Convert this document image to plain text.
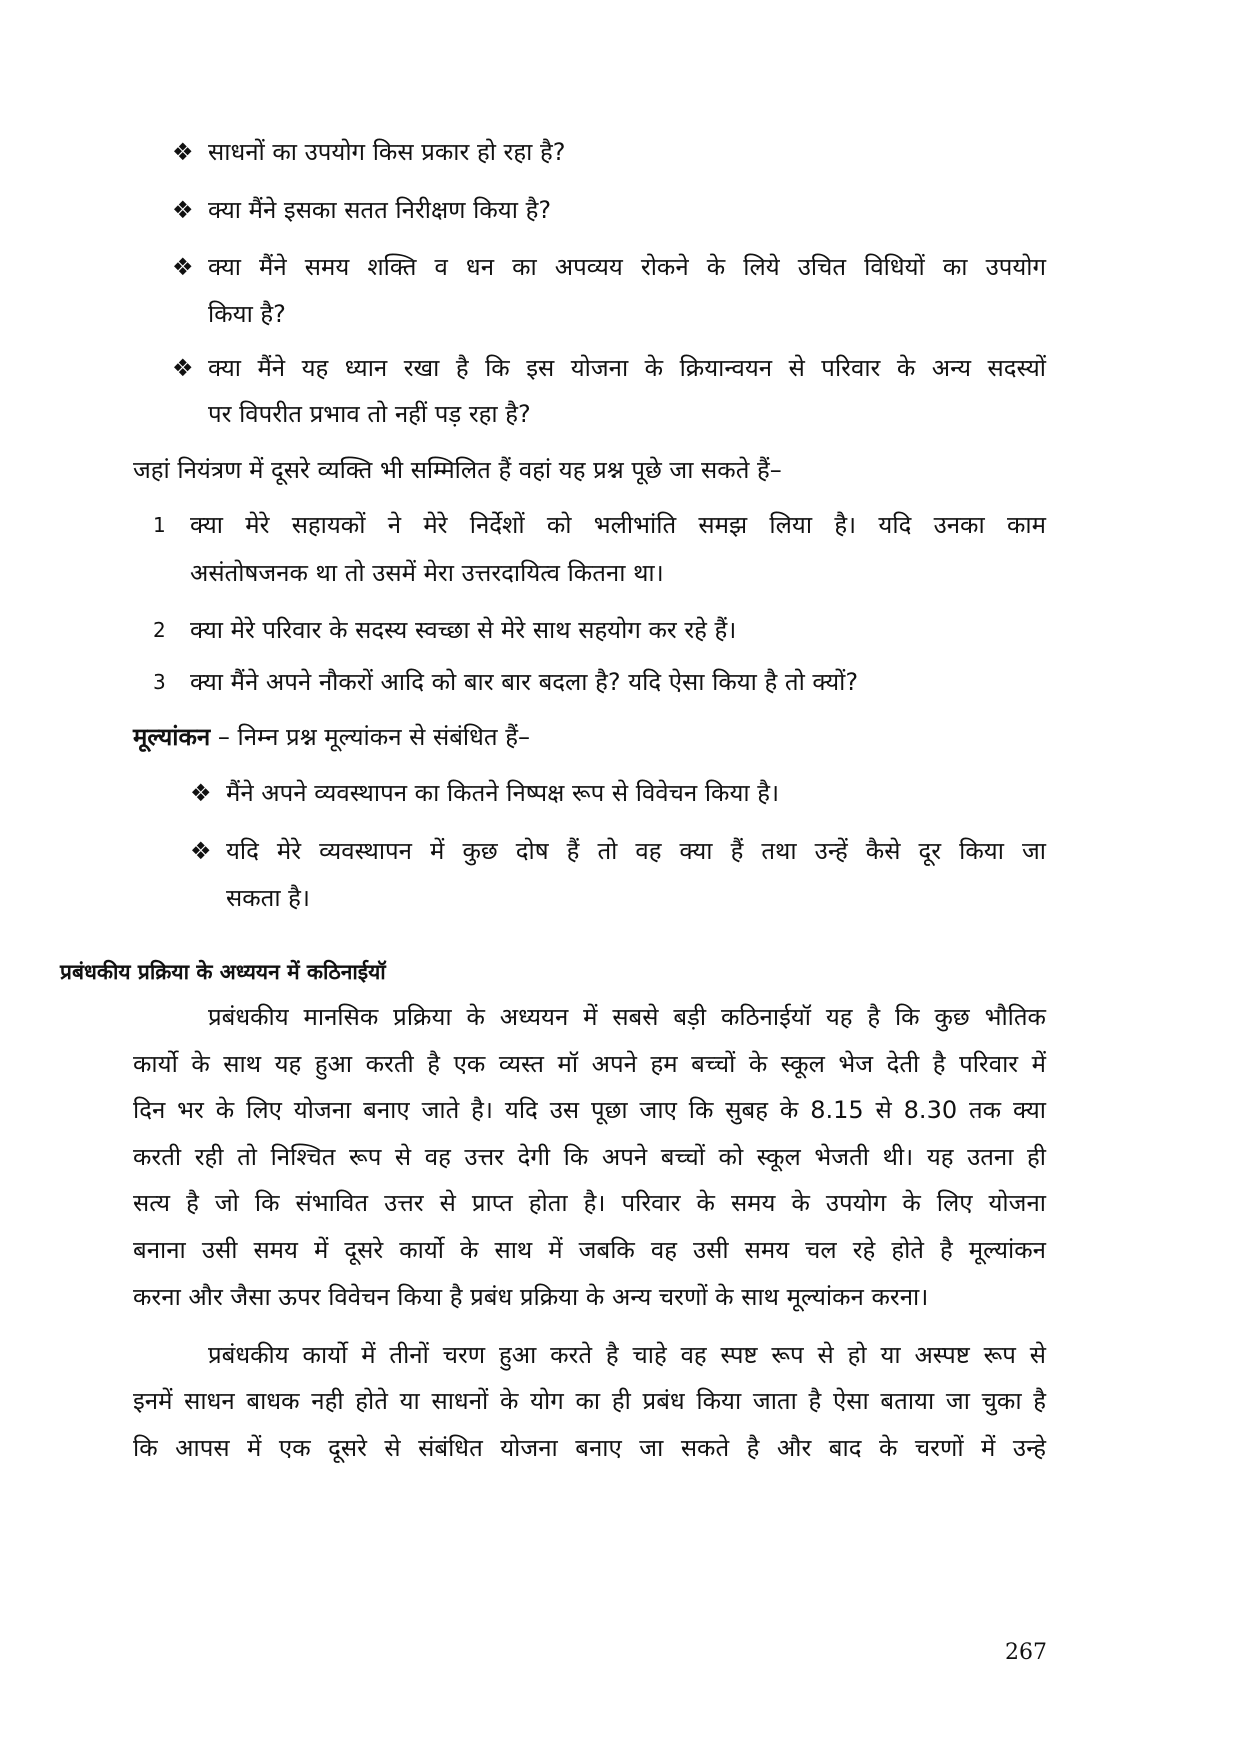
❖ साधनों का उपयोग किस प्रकार हो रहा है?
❖ क्या मैंने इसका सतत निरीक्षण किया है?
❖ क्या मैंने समय शक्ति व धन का अपव्यय रोकने के लिये उचित विधियों का उपयोग
किया है?
❖ क्या मैंने यह ध्यान रखा है कि इस योजना के क्रियान्वयन से परिवार के अन्य सदस्यों
पर विपरीत प्रभाव तो नहीं पड़ रहा है?
जहां नियंत्रण में दूसरे व्यक्ति भी सम्मिलित हैं वहां यह प्रश्न पूछे जा सकते हैं–
1 क्या मेरे सहायकों ने मेरे निर्देशों को भलीभांति समझ लिया है। यदि उनका काम
असंतोषजनक था तो उसमें मेरा उत्तरदायित्व कितना था।
2 क्या मेरे परिवार के सदस्य स्वच्छा से मेरे साथ सहयोग कर रहे हैं।
3 क्या मैंने अपने नौकरों आदि को बार बार बदला है? यदि ऐसा किया है तो क्यों?
मूल्यांकन – निम्न प्रश्न मूल्यांकन से संबंधित हैं–
❖ मैंने अपने व्यवस्थापन का कितने निष्पक्ष रूप से विवेचन किया है।
❖ यदि मेरे व्यवस्थापन में कुछ दोष हैं तो वह क्या हैं तथा उन्हें कैसे दूर किया जा
सकता है।
प्रबंधकीय प्रक्रिया के अध्ययन में कठिनाईयॉ
प्रबंधकीय मानसिक प्रक्रिया के अध्ययन में सबसे बड़ी कठिनाईयॉ यह है कि कुछ भौतिक
कार्यो के साथ यह हुआ करती है एक व्यस्त मॉ अपने हम बच्चों के स्कूल भेज देती है परिवार में
दिन भर के लिए योजना बनाए जाते है। यदि उस पूछा जाए कि सुबह के 8.15 से 8.30 तक क्या
करती रही तो निश्चित रूप से वह उत्तर देगी कि अपने बच्चों को स्कूल भेजती थी। यह उतना ही
सत्य है जो कि संभावित उत्तर से प्राप्त होता है। परिवार के समय के उपयोग के लिए योजना
बनाना उसी समय में दूसरे कार्यो के साथ में जबकि वह उसी समय चल रहे होते है मूल्यांकन
करना और जैसा ऊपर विवेचन किया है प्रबंध प्रक्रिया के अन्य चरणों के साथ मूल्यांकन करना।
प्रबंधकीय कार्यो में तीनों चरण हुआ करते है चाहे वह स्पष्ट रूप से हो या अस्पष्ट रूप से
इनमें साधन बाधक नही होते या साधनों के योग का ही प्रबंध किया जाता है ऐसा बताया जा चुका है
कि आपस में एक दूसरे से संबंधित योजना बनाए जा सकते है और बाद के चरणों में उन्हे
267
